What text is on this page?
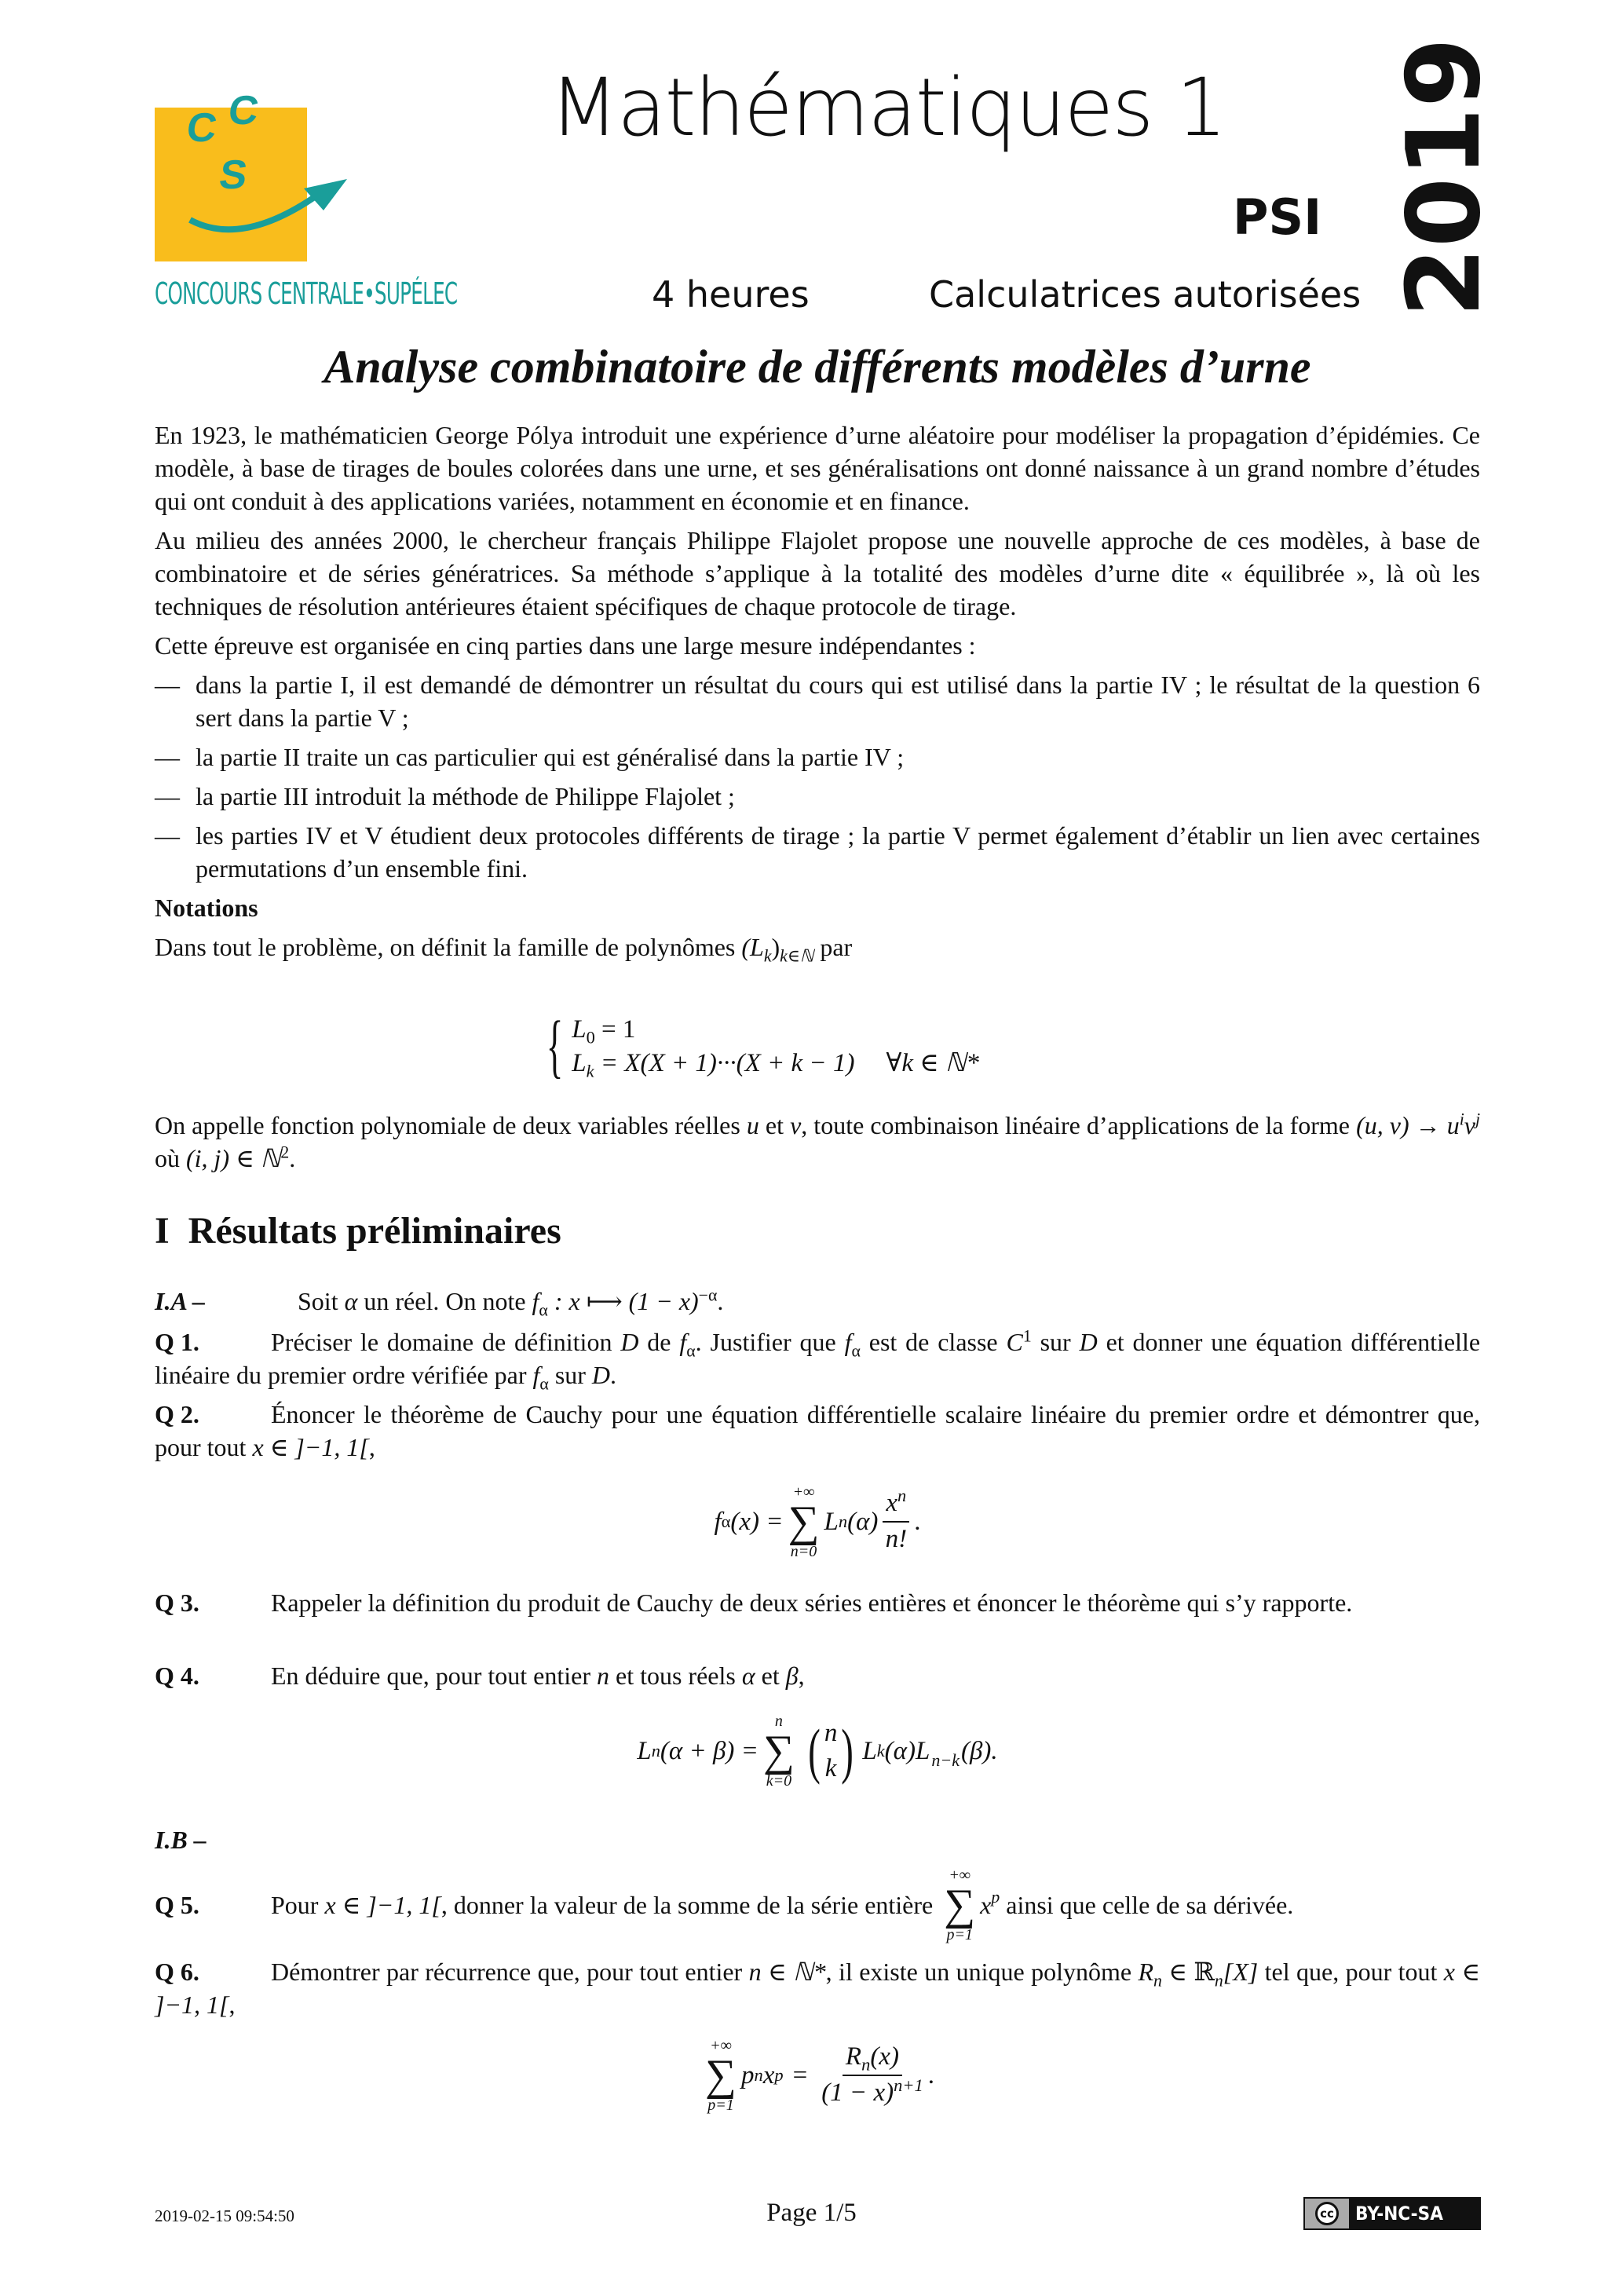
C C
S
CONCOURS CENTRALE•SUPÉLEC
Mathématiques 1
PSI 2019
4 heures	Calculatrices autorisées
Analyse combinatoire de différents modèles d’urne

En 1923, le mathématicien George Pólya introduit une expérience d’urne aléatoire pour modéliser la propagation d’épidémies. Ce modèle, à base de tirages de boules colorées dans une urne, et ses généralisations ont donné naissance à un grand nombre d’études qui ont conduit à des applications variées, notamment en économie et en finance.

Au milieu des années 2000, le chercheur français Philippe Flajolet propose une nouvelle approche de ces modèles, à base de combinatoire et de séries génératrices. Sa méthode s’applique à la totalité des modèles d’urne dite « équilibrée », là où les techniques de résolution antérieures étaient spécifiques de chaque protocole de tirage.

Cette épreuve est organisée en cinq parties dans une large mesure indépendantes :

— dans la partie I, il est demandé de démontrer un résultat du cours qui est utilisé dans la partie IV ; le résultat de la question 6 sert dans la partie V ;
— la partie II traite un cas particulier qui est généralisé dans la partie IV ;
— la partie III introduit la méthode de Philippe Flajolet ;
— les parties IV et V étudient deux protocoles différents de tirage ; la partie V permet également d’établir un lien avec certaines permutations d’un ensemble fini.

Notations

Dans tout le problème, on définit la famille de polynômes $(L_k)_{k\in ℕ}$ par

{ $L_0 = 1$
$L_k = X(X + 1)\cdot\cdot\cdot(X + k - 1)$ ∀k ∈ ℕ*
On appelle fonction polynomiale de deux variables réelles u et v, toute combinaison linéaire d’applications de la forme (u, $v) \to u^iv^j$ où (i, j) ∈ ℕ$^2$.
I  Résultats préliminaires
I.A –	Soit α un réel. On note $f_\alpha$ : x ⟼ $(1 - x)^{-\alpha}$.
Q 1.	Préciser le domaine de définition D de $f_\alpha$. Justifier que $f_\alpha$ est de classe $C^1$ sur D et donner une équation différentielle linéaire du premier ordre vérifiée par $f_\alpha$ sur D.
Q 2.	Énoncer le théorème de Cauchy pour une équation différentielle scalaire linéaire du premier ordre et démontrer que, pour tout x ∈ ]−1, 1[,
f α (x) =
+∞
∑
n=0
L n $(\alpha) \frac{x^n}{n!}$ .
Q 3.	Rappeler la définition du produit de Cauchy de deux séries entières et énoncer le théorème qui s’y rapporte.
Q 4.	En déduire que, pour tout entier n et tous réels α et β,
L n (α + β) =
n
∑
k=0 ( n
k ) L k (α) L n−k (β).
I.B –
Q 5.	Pour x ∈ ]−1, 1[ , donner la valeur de la somme de la série entière
+∞
∑
p=1
$x^p$ ainsi que celle de sa dérivée.
Q 6.	Démontrer par récurrence que, pour tout entier n ∈ ℕ*, il existe un unique polynôme $R_n$ ∈ ℝ$_n$[X] tel que, pour tout x ∈ ]−1, 1[,
+∞
∑
p=1
p n x $p = \frac{R_n(x)}{(1 - x)^{n+1}}$ .
2019-02-15 09:54:50	Page 1/5	cc BY-NC-SA
